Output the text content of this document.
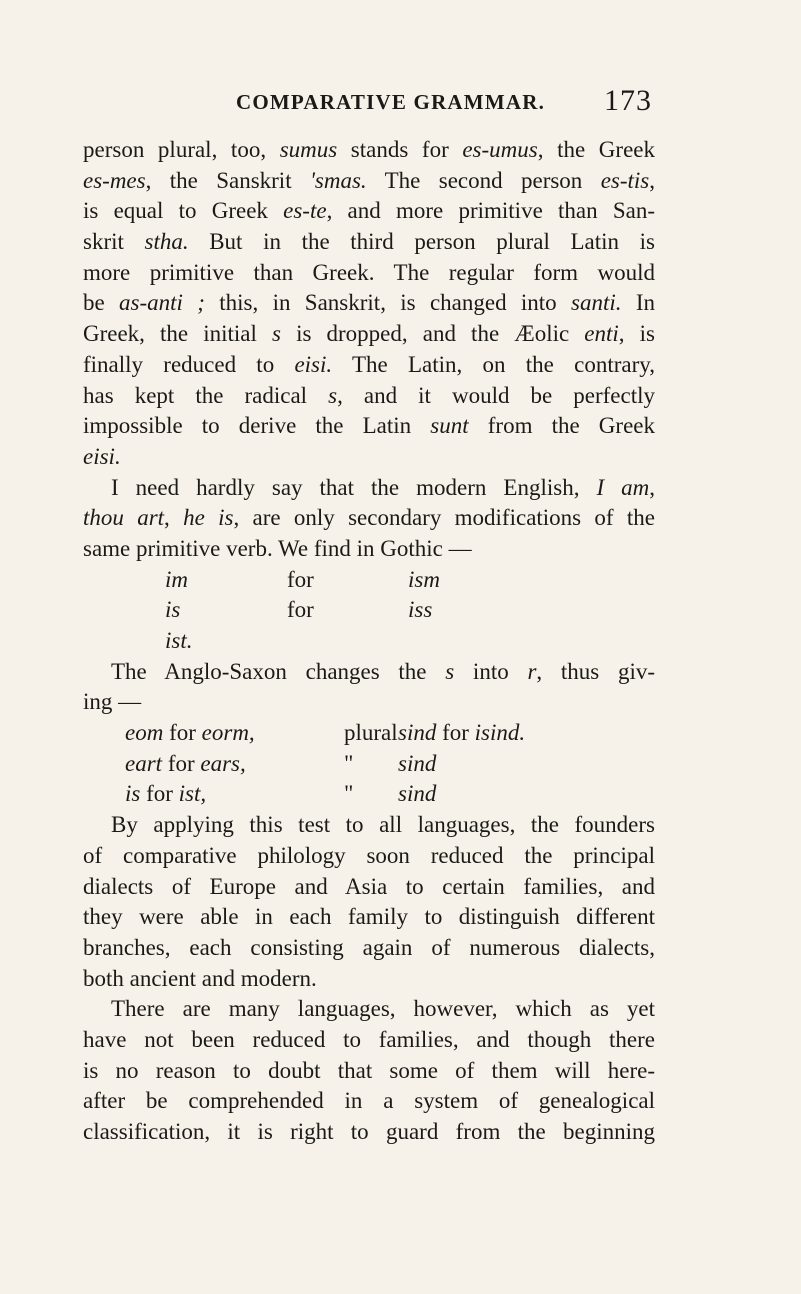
COMPARATIVE GRAMMAR. 173
person plural, too, sumus stands for es-umus, the Greek
es-mes, the Sanskrit 'smas. The second person es-tis,
is equal to Greek es-te, and more primitive than San-
skrit stha. But in the third person plural Latin is
more primitive than Greek. The regular form would
be as-anti ; this, in Sanskrit, is changed into santi. In
Greek, the initial s is dropped, and the Æolic enti, is
finally reduced to eisi. The Latin, on the contrary,
has kept the radical s, and it would be perfectly
impossible to derive the Latin sunt from the Greek
eisi.
I need hardly say that the modern English, I am,
thou art, he is, are only secondary modifications of the
same primitive verb. We find in Gothic —
im	for	ism
is	for	iss
ist.
The Anglo-Saxon changes the s into r, thus giv-
ing —
eom for eorm,	plural sind for isind.
eart for ears,	"	sind
is for ist,	"	sind
By applying this test to all languages, the founders
of comparative philology soon reduced the principal
dialects of Europe and Asia to certain families, and
they were able in each family to distinguish different
branches, each consisting again of numerous dialects,
both ancient and modern.
There are many languages, however, which as yet
have not been reduced to families, and though there
is no reason to doubt that some of them will here-
after be comprehended in a system of genealogical
classification, it is right to guard from the beginning
